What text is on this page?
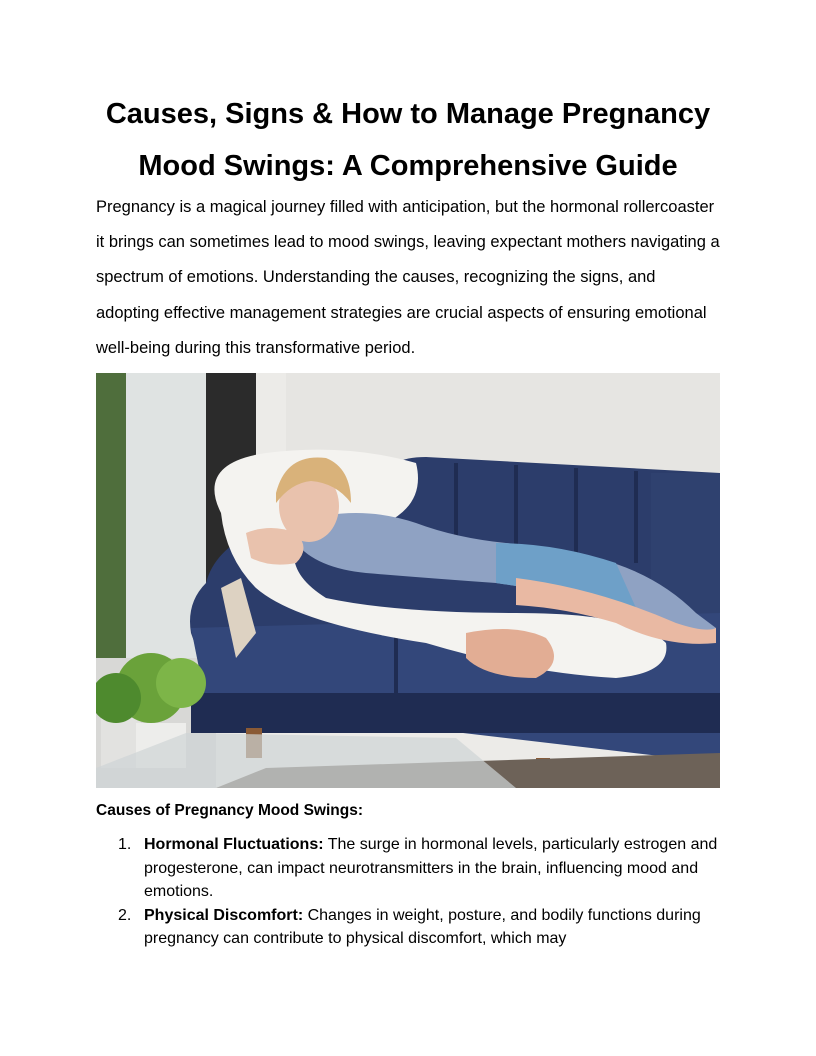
Causes, Signs & How to Manage Pregnancy Mood Swings: A Comprehensive Guide

Pregnancy is a magical journey filled with anticipation, but the hormonal rollercoaster it brings can sometimes lead to mood swings, leaving expectant mothers navigating a spectrum of emotions. Understanding the causes, recognizing the signs, and adopting effective management strategies are crucial aspects of ensuring emotional well-being during this transformative period.

Causes of Pregnancy Mood Swings:
1. Hormonal Fluctuations: The surge in hormonal levels, particularly estrogen and progesterone, can impact neurotransmitters in the brain, influencing mood and emotions.
2. Physical Discomfort: Changes in weight, posture, and bodily functions during pregnancy can contribute to physical discomfort, which may
